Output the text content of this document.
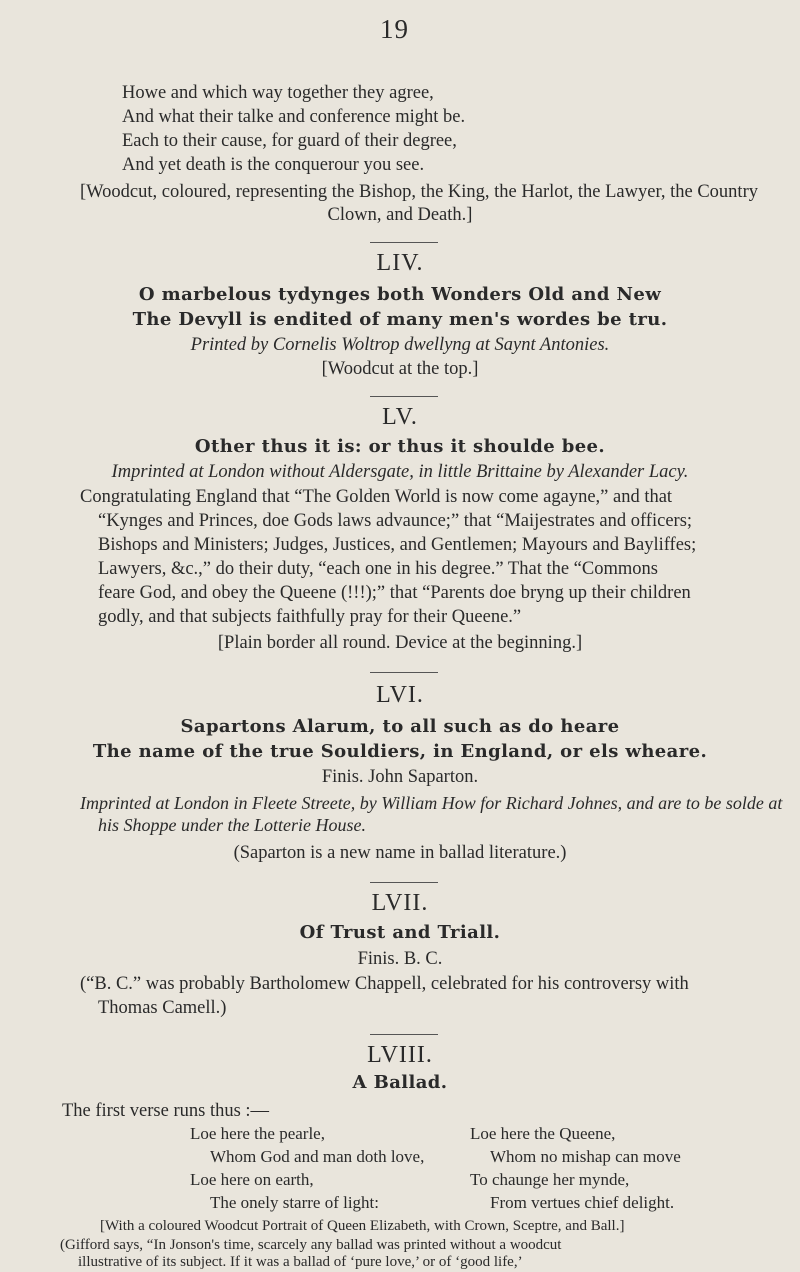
19
Howe and which way together they agree,
And what their talke and conference might be.
Each to their cause, for guard of their degree,
And yet death is the conquerour you see.
[Woodcut, coloured, representing the Bishop, the King, the Harlot, the Lawyer, the Country
Clown, and Death.]
LIV.
O marbelous tydynges both Wonders Old and New
The Devyll is endited of many men's wordes be tru.
Printed by Cornelis Woltrop dwellyng at Saynt Antonies.
[Woodcut at the top.]
LV.
Other thus it is: or thus it shoulde bee.
Imprinted at London without Aldersgate, in little Brittaine by Alexander Lacy.
Congratulating England that “The Golden World is now come agayne,” and that
“Kynges and Princes, doe Gods laws advaunce;” that “Maijestrates and officers;
Bishops and Ministers; Judges, Justices, and Gentlemen; Mayours and Bayliffes;
Lawyers, &c.,” do their duty, “each one in his degree.” That the “Commons
feare God, and obey the Queene (!!!);” that “Parents doe bryng up their children
godly, and that subjects faithfully pray for their Queene.”
[Plain border all round. Device at the beginning.]
LVI.
Sapartons Alarum, to all such as do heare
The name of the true Souldiers, in England, or els wheare.
Finis. John Saparton.
Imprinted at London in Fleete Streete, by William How for Richard Johnes, and are to be solde at
his Shoppe under the Lotterie House.
(Saparton is a new name in ballad literature.)
LVII.
Of Trust and Triall.
Finis. B. C.
(“B. C.” was probably Bartholomew Chappell, celebrated for his controversy with
Thomas Camell.)
LVIII.
A Ballad.
The first verse runs thus :—
Loe here the pearle,
Whom God and man doth love,
Loe here on earth,
The onely starre of light:
Loe here the Queene,
Whom no mishap can move
To chaunge her mynde,
From vertues chief delight.
[With a coloured Woodcut Portrait of Queen Elizabeth, with Crown, Sceptre, and Ball.]
(Gifford says, “In Jonson's time, scarcely any ballad was printed without a woodcut
illustrative of its subject. If it was a ballad of ‘pure love,’ or of ‘good life,’
